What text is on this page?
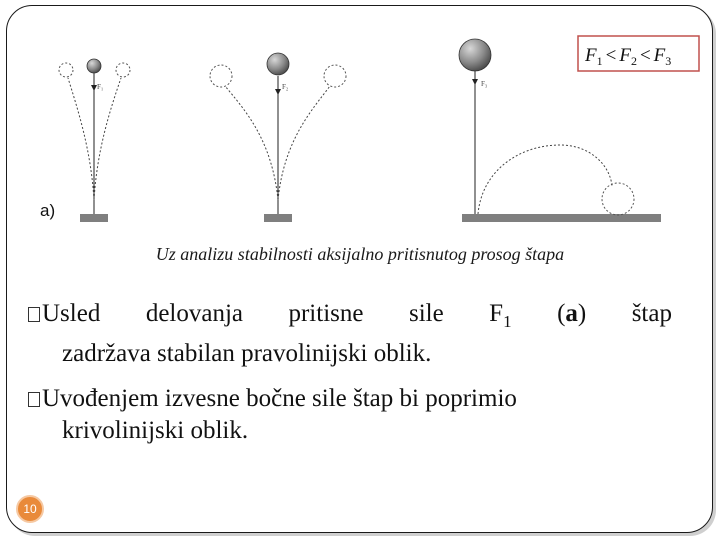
F₁	F₂	F₃
$F_1 < F_2 < F_3$
a)
Uz analizu stabilnosti aksijalno pritisnutog prosog štapa
Usled delovanja pritisne sile $F_1$ (a) štap
zadržava stabilan pravolinijski oblik.
Uvođenjem izvesne bočne sile štap bi poprimio
krivolinijski oblik.
10
